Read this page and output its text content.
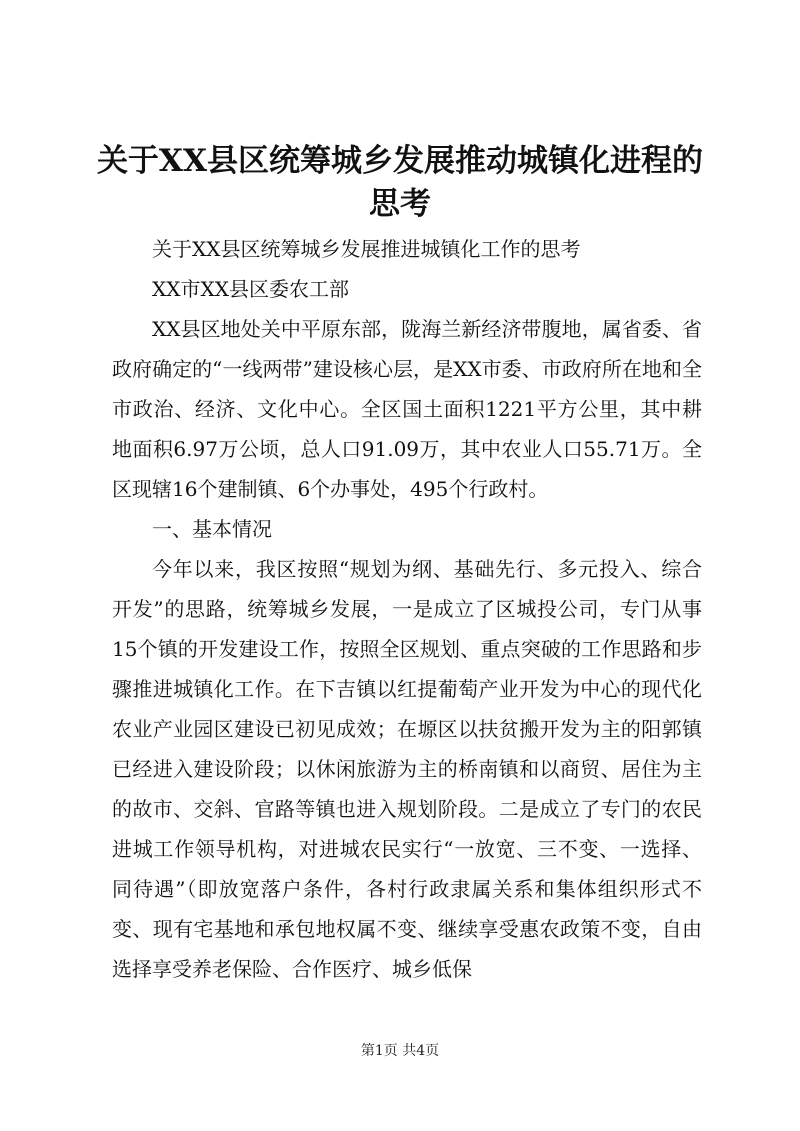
关于XX县区统筹城乡发展推动城镇化进程的
思考

关于XX县区统筹城乡发展推进城镇化工作的思考

XX市XX县区委农工部

XX县区地处关中平原东部，陇海兰新经济带腹地，属省委、省政府确定的“一线两带”建设核心层，是XX市委、市政府所在地和全市政治、经济、文化中心。全区国土面积1221平方公里，其中耕地面积6.97万公顷，总人口91.09万，其中农业人口55.71万。全区现辖16个建制镇、6个办事处，495个行政村。

一、基本情况

今年以来，我区按照“规划为纲、基础先行、多元投入、综合开发”的思路，统筹城乡发展，一是成立了区城投公司，专门从事15个镇的开发建设工作，按照全区规划、重点突破的工作思路和步骤推进城镇化工作。在下吉镇以红提葡萄产业开发为中心的现代化农业产业园区建设已初见成效；在塬区以扶贫搬开发为主的阳郭镇已经进入建设阶段；以休闲旅游为主的桥南镇和以商贸、居住为主的故市、交斜、官路等镇也进入规划阶段。二是成立了专门的农民进城工作领导机构，对进城农民实行“一放宽、三不变、一选择、同待遇”（即放宽落户条件，各村行政隶属关系和集体组织形式不变、现有宅基地和承包地权属不变、继续享受惠农政策不变，自由选择享受养老保险、合作医疗、城乡低保

第1页 共4页
